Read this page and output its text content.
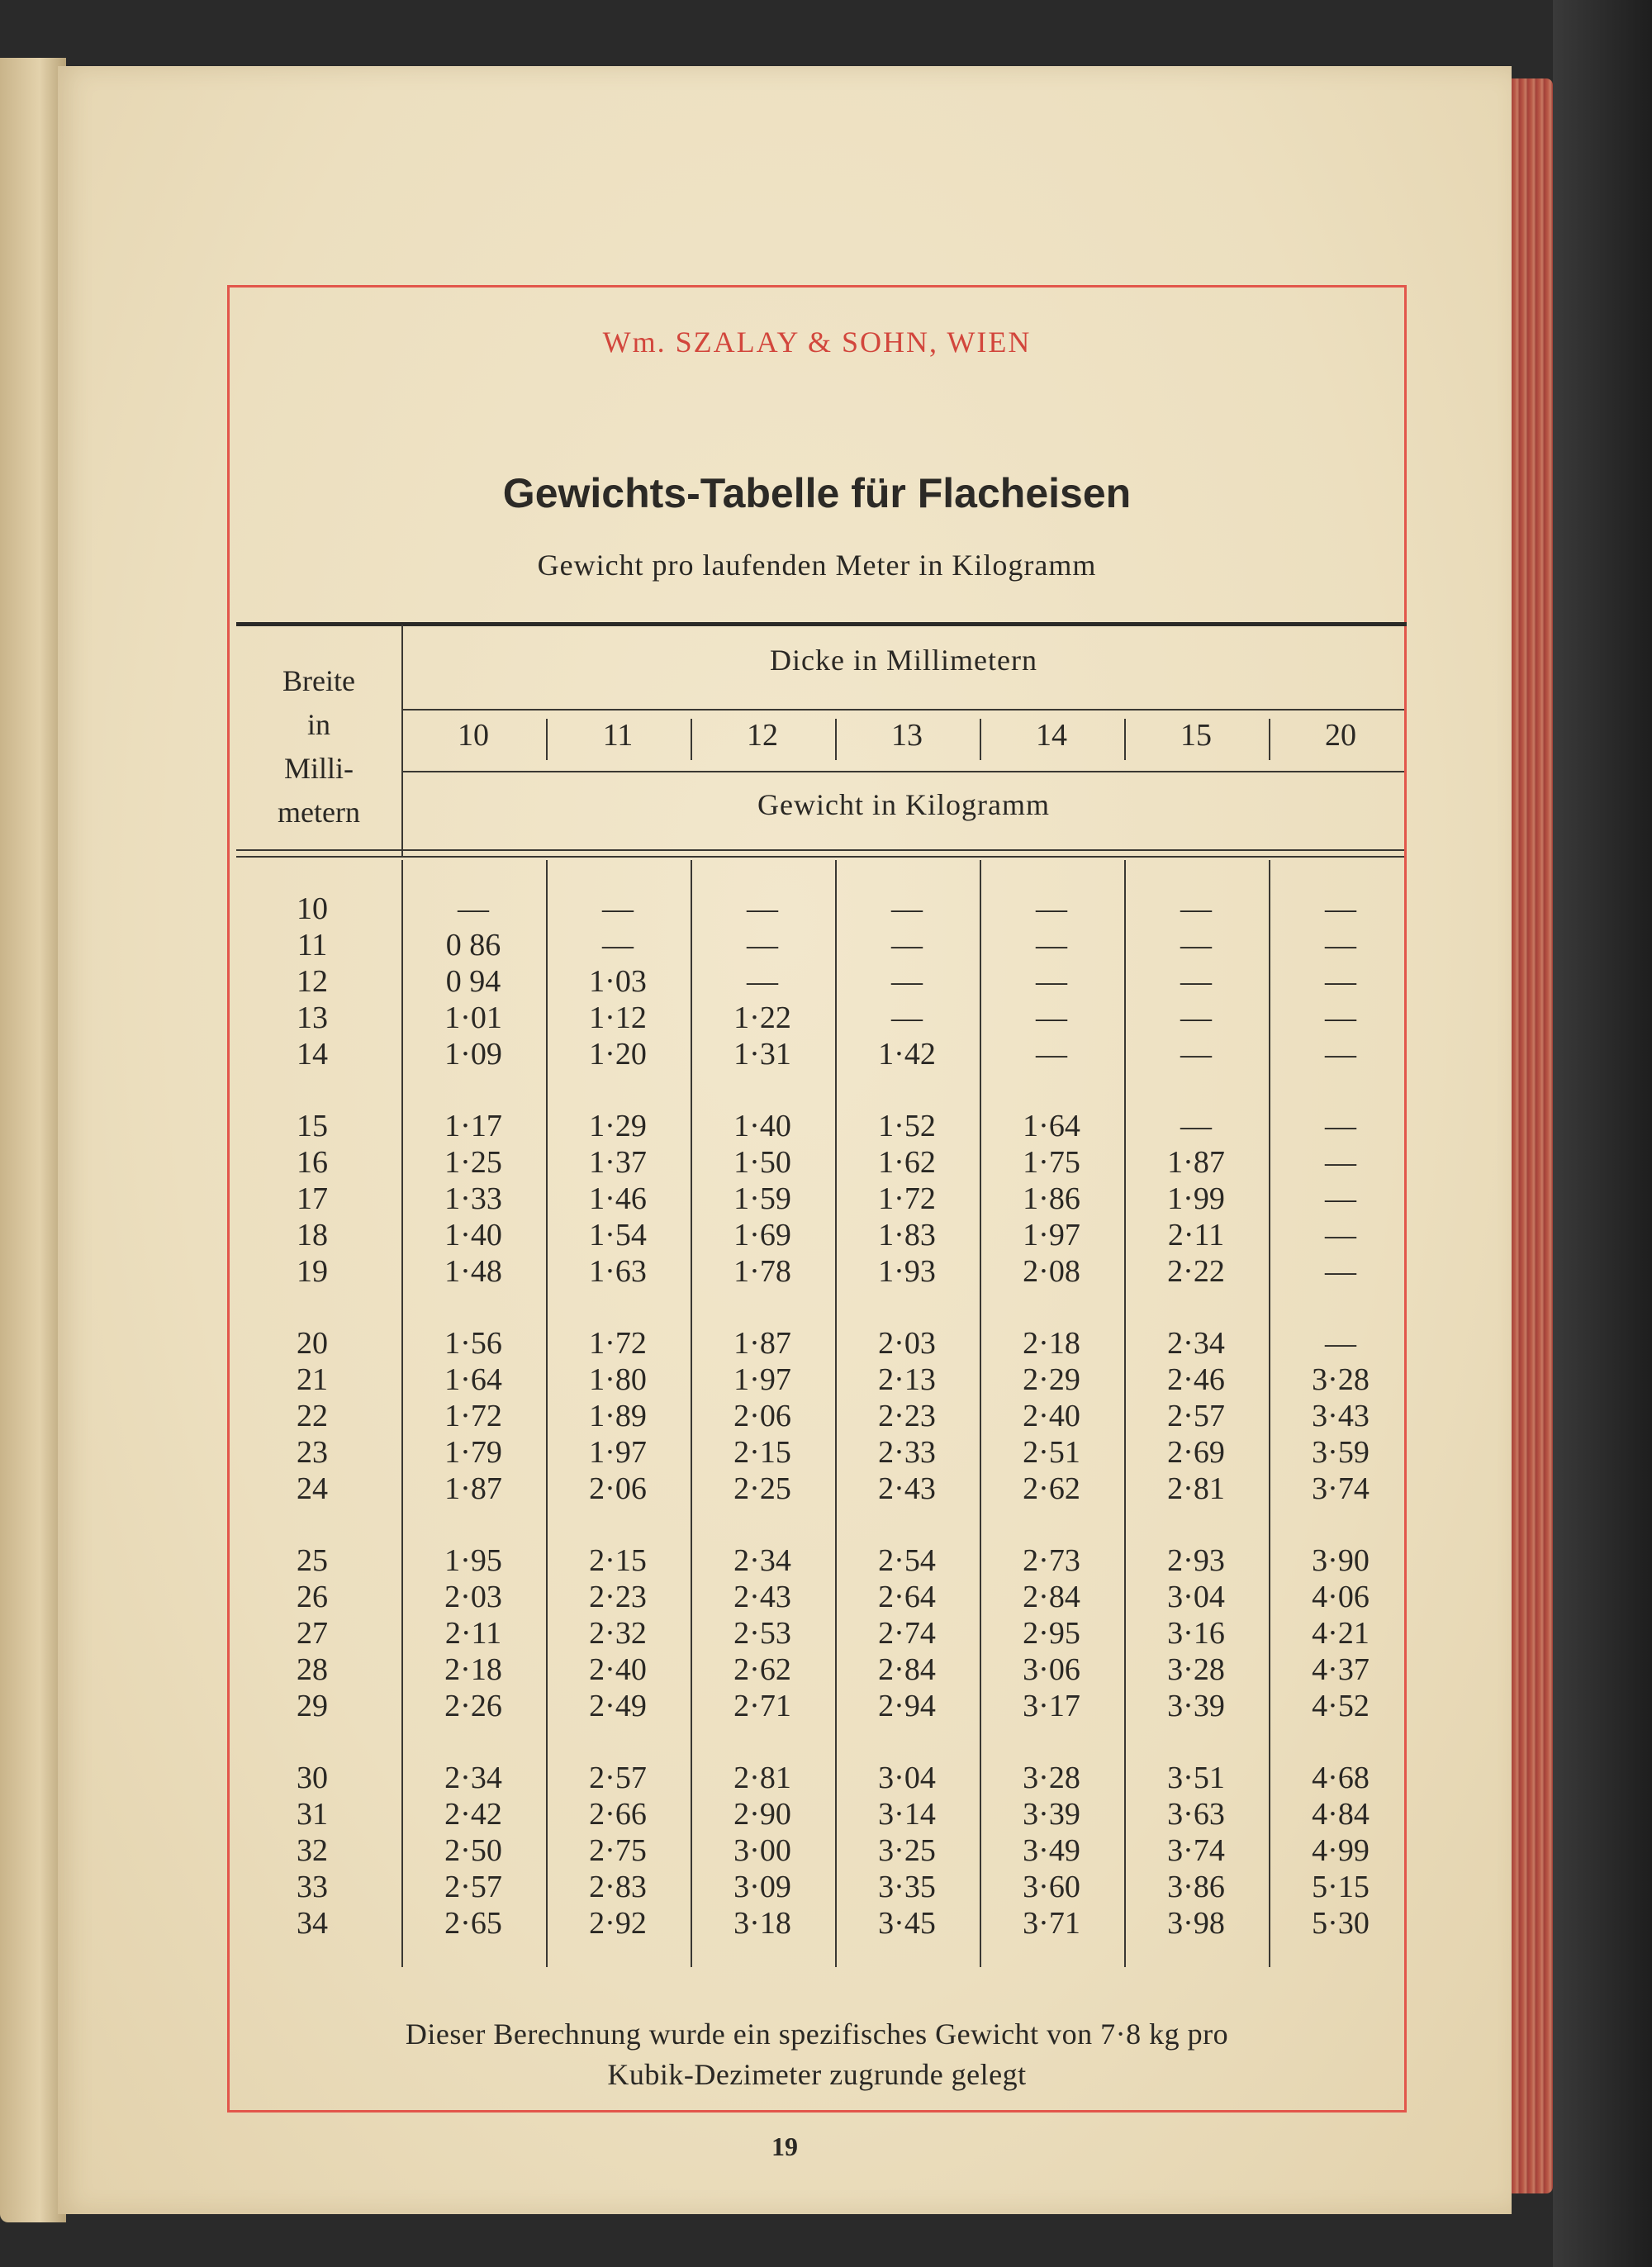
Wm. SZALAY & SOHN, WIEN
Gewichts-Tabelle für Flacheisen
Gewicht pro laufenden Meter in Kilogramm
Breite
in
Milli-
metern
Dicke in Millimetern
10	11	12	13	14	15	20
Gewicht in Kilogramm
10	—	—	—	—	—	—	—
11	0 86	—	—	—	—	—	—
12	0 94	1·03	—	—	—	—	—
13	1·01	1·12	1·22	—	—	—	—
14	1·09	1·20	1·31	1·42	—	—	—
15	1·17	1·29	1·40	1·52	1·64	—	—
16	1·25	1·37	1·50	1·62	1·75	1·87	—
17	1·33	1·46	1·59	1·72	1·86	1·99	—
18	1·40	1·54	1·69	1·83	1·97	2·11	—
19	1·48	1·63	1·78	1·93	2·08	2·22	—
20	1·56	1·72	1·87	2·03	2·18	2·34	—
21	1·64	1·80	1·97	2·13	2·29	2·46	3·28
22	1·72	1·89	2·06	2·23	2·40	2·57	3·43
23	1·79	1·97	2·15	2·33	2·51	2·69	3·59
24	1·87	2·06	2·25	2·43	2·62	2·81	3·74
25	1·95	2·15	2·34	2·54	2·73	2·93	3·90
26	2·03	2·23	2·43	2·64	2·84	3·04	4·06
27	2·11	2·32	2·53	2·74	2·95	3·16	4·21
28	2·18	2·40	2·62	2·84	3·06	3·28	4·37
29	2·26	2·49	2·71	2·94	3·17	3·39	4·52
30	2·34	2·57	2·81	3·04	3·28	3·51	4·68
31	2·42	2·66	2·90	3·14	3·39	3·63	4·84
32	2·50	2·75	3·00	3·25	3·49	3·74	4·99
33	2·57	2·83	3·09	3·35	3·60	3·86	5·15
34	2·65	2·92	3·18	3·45	3·71	3·98	5·30
Dieser Berechnung wurde ein spezifisches Gewicht von 7·8 kg pro
Kubik-Dezimeter zugrunde gelegt
19
